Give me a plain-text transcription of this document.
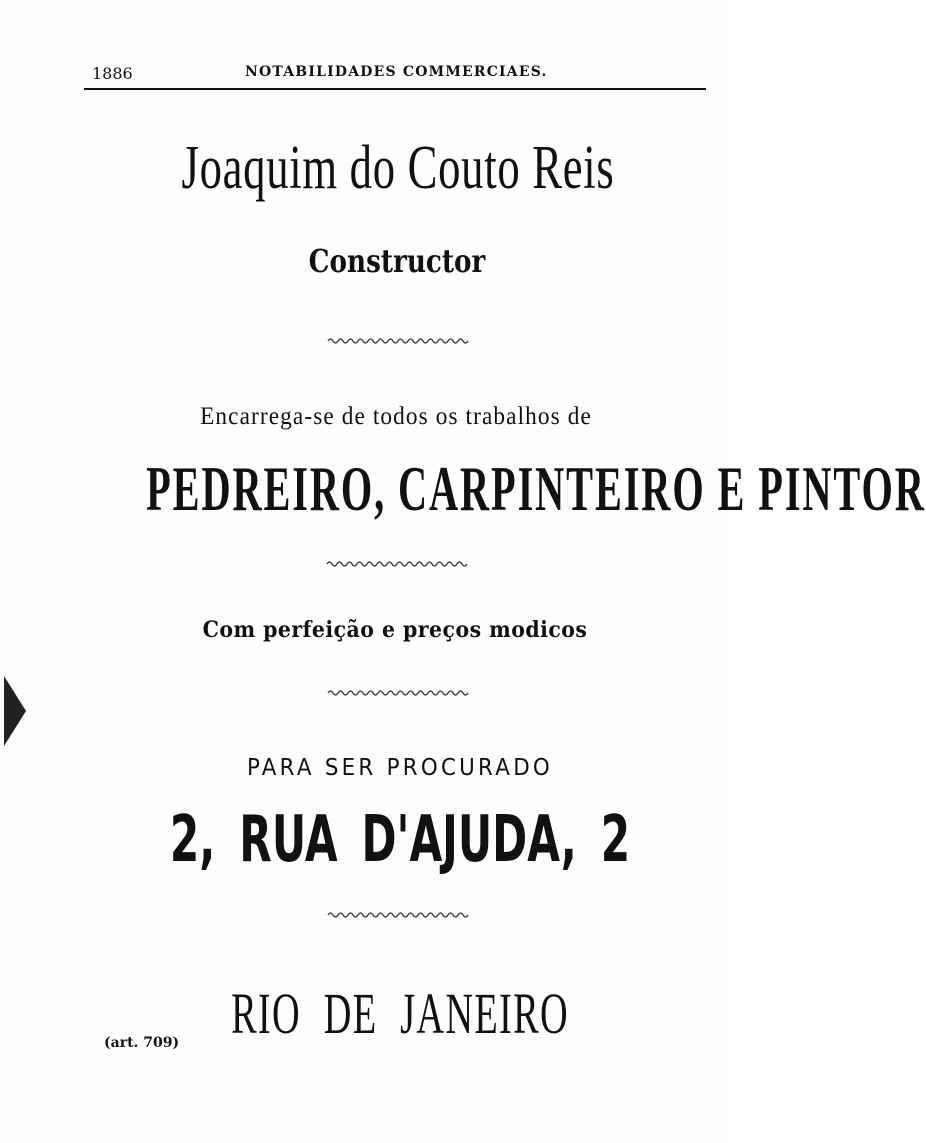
1886	NOTABILIDADES COMMERCIAES.
Joaquim do Couto Reis
Constructor
Encarrega-se de todos os trabalhos de
PEDREIRO, CARPINTEIRO E PINTOR
Com perfeição e preços modicos
PARA SER PROCURADO
2, RUA D'AJUDA, 2
RIO DE JANEIRO
(art. 709)
